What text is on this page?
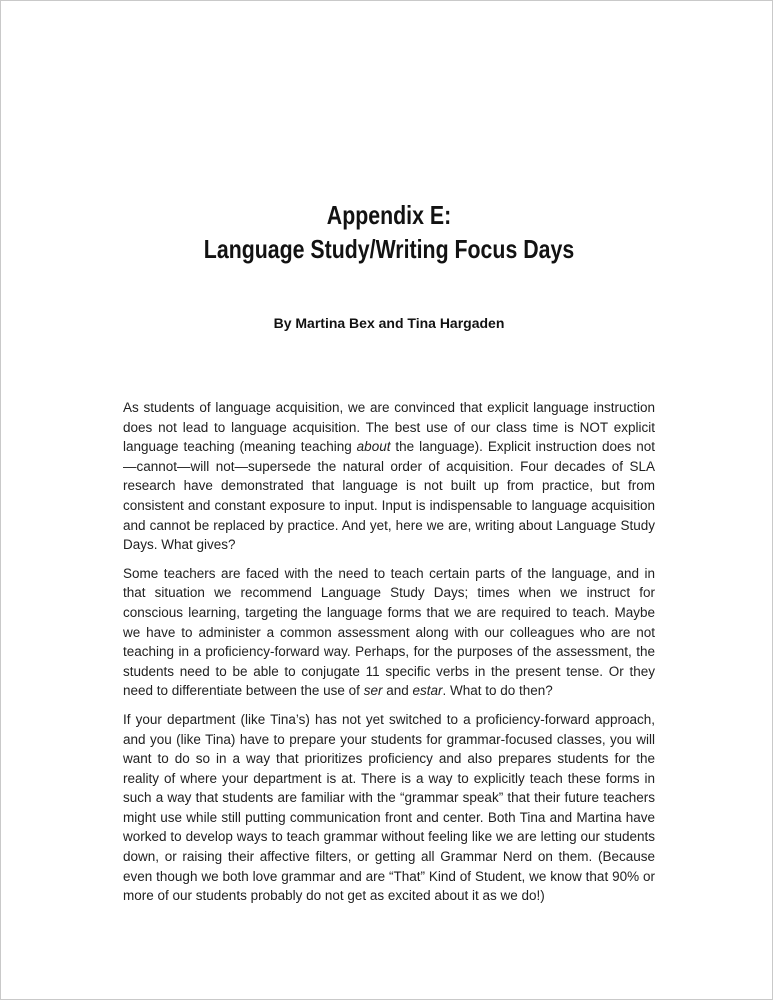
Appendix E:
Language Study/Writing Focus Days
By Martina Bex and Tina Hargaden

As students of language acquisition, we are convinced that explicit language instruction does not lead to language acquisition. The best use of our class time is NOT explicit language teaching (meaning teaching about the language). Explicit instruction does not—cannot—will not—supersede the natural order of acquisition. Four decades of SLA research have demonstrated that language is not built up from practice, but from consistent and constant exposure to input. Input is indispensable to language acquisition and cannot be replaced by practice. And yet, here we are, writing about Language Study Days. What gives?

Some teachers are faced with the need to teach certain parts of the language, and in that situation we recommend Language Study Days; times when we instruct for conscious learning, targeting the language forms that we are required to teach. Maybe we have to administer a common assessment along with our colleagues who are not teaching in a proficiency-forward way. Perhaps, for the purposes of the assessment, the students need to be able to conjugate 11 specific verbs in the present tense. Or they need to differentiate between the use of ser and estar. What to do then?

If your department (like Tina’s) has not yet switched to a proficiency-forward approach, and you (like Tina) have to prepare your students for grammar-focused classes, you will want to do so in a way that prioritizes proficiency and also prepares students for the reality of where your department is at. There is a way to explicitly teach these forms in such a way that students are familiar with the “grammar speak” that their future teachers might use while still putting communication front and center. Both Tina and Martina have worked to develop ways to teach grammar without feeling like we are letting our students down, or raising their affective filters, or getting all Grammar Nerd on them. (Because even though we both love grammar and are “That” Kind of Student, we know that 90% or more of our students probably do not get as excited about it as we do!)
